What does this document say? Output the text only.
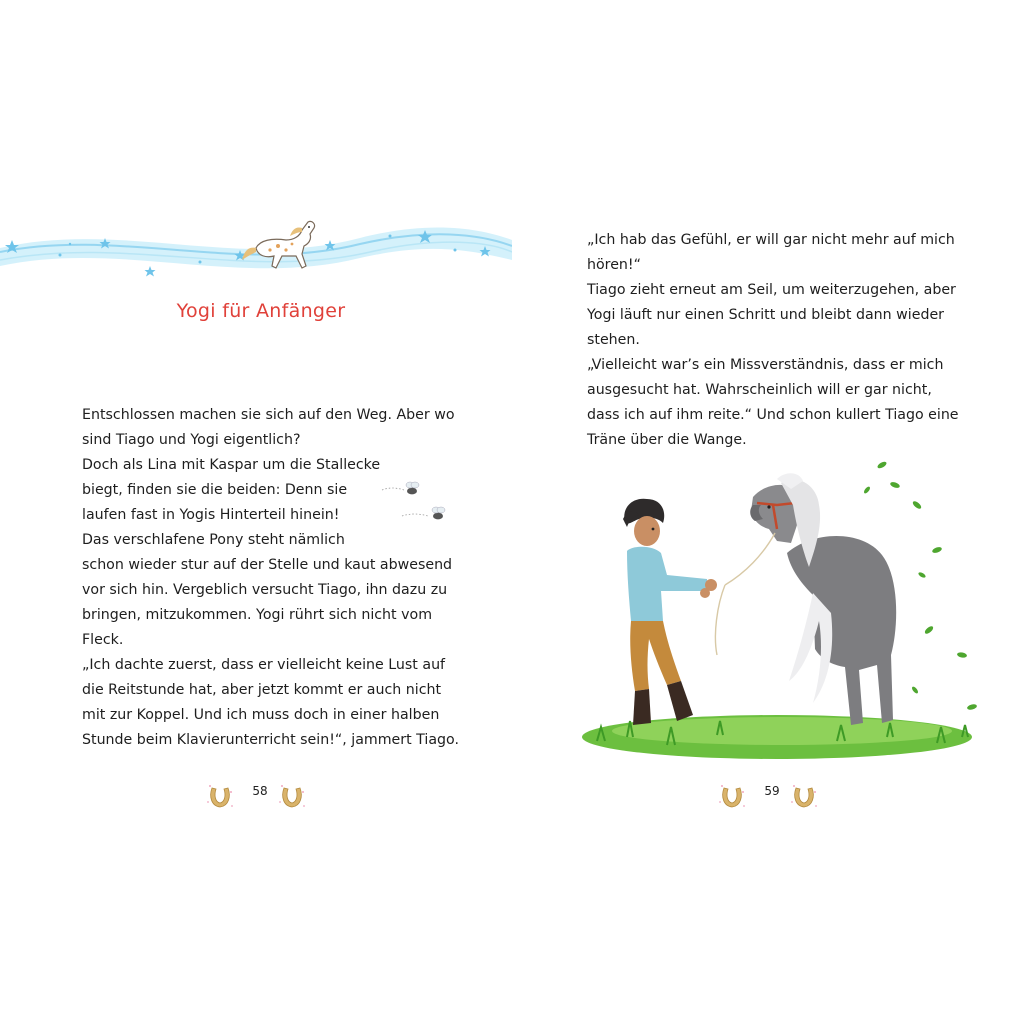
Yogi für Anfänger
Entschlossen machen sie sich auf den Weg. Aber wo
sind Tiago und Yogi eigentlich?
Doch als Lina mit Kaspar um die Stallecke
biegt, finden sie die beiden: Denn sie
laufen fast in Yogis Hinterteil hinein!
Das verschlafene Pony steht nämlich
schon wieder stur auf der Stelle und kaut abwesend
vor sich hin. Vergeblich versucht Tiago, ihn dazu zu
bringen, mitzukommen. Yogi rührt sich nicht vom
Fleck.
„Ich dachte zuerst, dass er vielleicht keine Lust auf
die Reitstunde hat, aber jetzt kommt er auch nicht
mit zur Koppel. Und ich muss doch in einer halben
Stunde beim Klavierunterricht sein!“, jammert Tiago.
58
„Ich hab das Gefühl, er will gar nicht mehr auf mich
hören!“
Tiago zieht erneut am Seil, um weiterzugehen, aber
Yogi läuft nur einen Schritt und bleibt dann wieder
stehen.
„Vielleicht war’s ein Missverständnis, dass er mich
ausgesucht hat. Wahrscheinlich will er gar nicht,
dass ich auf ihm reite.“ Und schon kullert Tiago eine
Träne über die Wange.
59
